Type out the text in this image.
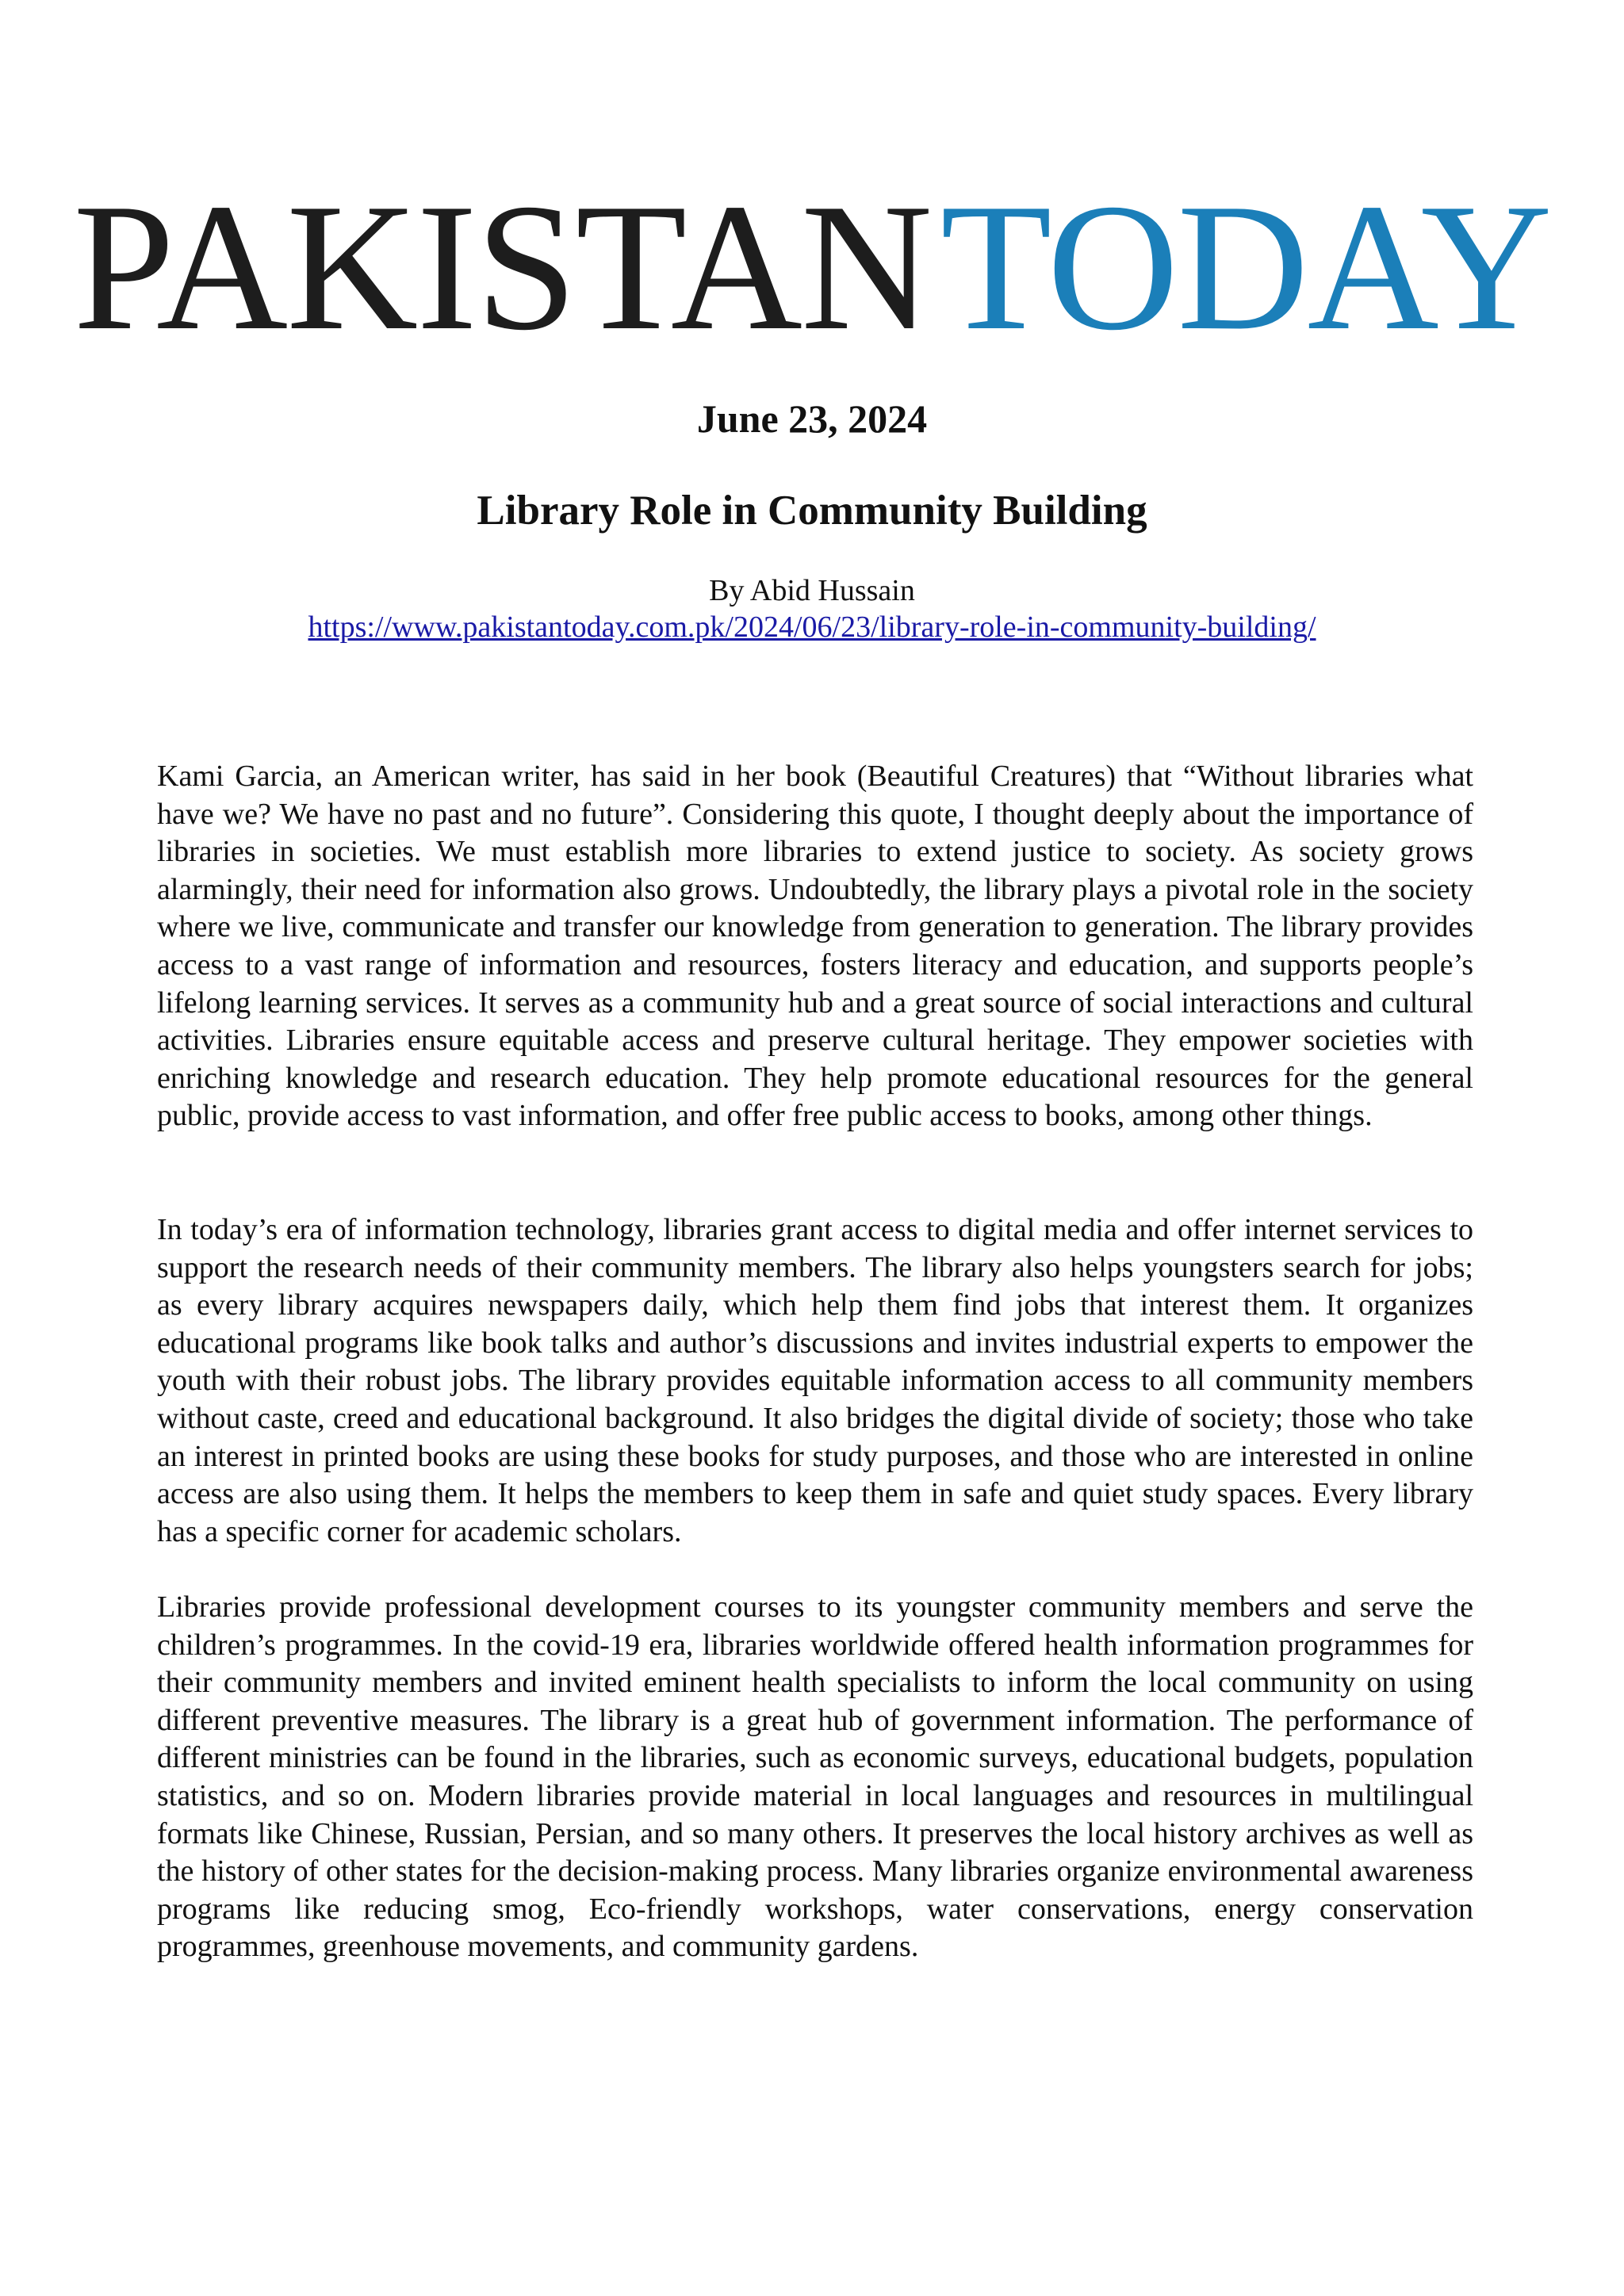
PAKISTANTODAY
June 23, 2024
Library Role in Community Building
By Abid Hussain
https://www.pakistantoday.com.pk/2024/06/23/library-role-in-community-building/

Kami Garcia, an American writer, has said in her book (Beautiful Creatures) that “Without libraries what have we? We have no past and no future”. Considering this quote, I thought deeply about the importance of libraries in societies. We must establish more libraries to extend justice to society. As society grows alarmingly, their need for information also grows. Undoubtedly, the library plays a pivotal role in the society where we live, communicate and transfer our knowledge from generation to generation. The library provides access to a vast range of information and resources, fosters literacy and education, and supports people’s lifelong learning services. It serves as a community hub and a great source of social interactions and cultural activities. Libraries ensure equitable access and preserve cultural heritage. They empower societies with enriching knowledge and research education. They help promote educational resources for the general public, provide access to vast information, and offer free public access to books, among other things.

In today’s era of information technology, libraries grant access to digital media and offer internet services to support the research needs of their community members. The library also helps youngsters search for jobs; as every library acquires newspapers daily, which help them find jobs that interest them. It organizes educational programs like book talks and author’s discussions and invites industrial experts to empower the youth with their robust jobs. The library provides equitable information access to all community members without caste, creed and educational background. It also bridges the digital divide of society; those who take an interest in printed books are using these books for study purposes, and those who are interested in online access are also using them. It helps the members to keep them in safe and quiet study spaces. Every library has a specific corner for academic scholars.

Libraries provide professional development courses to its youngster community members and serve the children’s programmes. In the covid-19 era, libraries worldwide offered health information programmes for their community members and invited eminent health specialists to inform the local community on using different preventive measures. The library is a great hub of government information. The performance of different ministries can be found in the libraries, such as economic surveys, educational budgets, population statistics, and so on. Modern libraries provide material in local languages and resources in multilingual formats like Chinese, Russian, Persian, and so many others. It preserves the local history archives as well as the history of other states for the decision-making process. Many libraries organize environmental awareness programs like reducing smog, Eco-friendly workshops, water conservations, energy conservation programmes, greenhouse movements, and community gardens.
